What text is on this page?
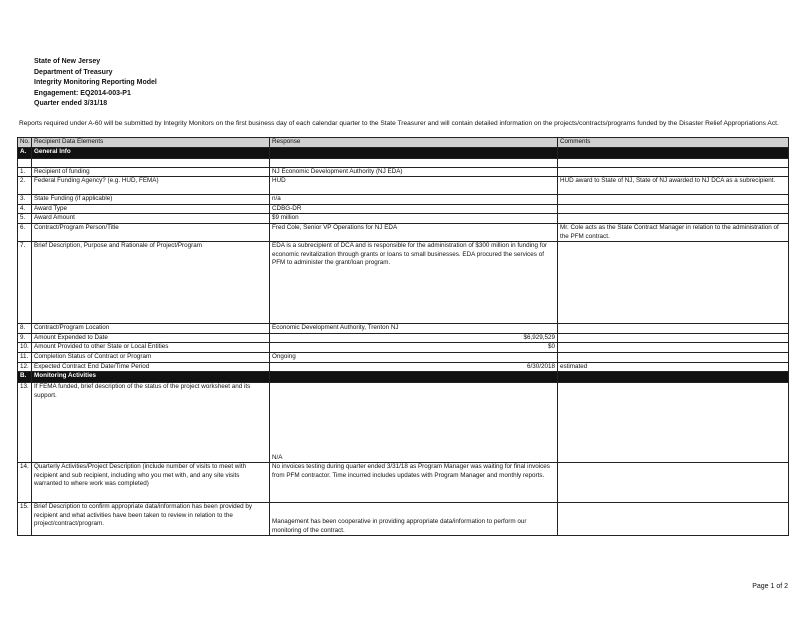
State of New Jersey
Department of Treasury
Integrity Monitoring Reporting Model
Engagement: EQ2014-003-P1
Quarter ended 3/31/18
Reports required under A-60 will be submitted by Integrity Monitors on the first business day of each calendar quarter to the State Treasurer and will contain detailed information on the projects/contracts/programs funded by the Disaster Relief Appropriations Act.
No.	Recipient Data Elements	Response	Comments
A.	General Info		

1.	Recipient of funding	NJ Economic Development Authority (NJ EDA)	
2.	Federal Funding Agency? (e.g. HUD, FEMA)	HUD	HUD award to State of NJ, State of NJ awarded to NJ DCA as a subrecipient.
3.	State Funding (if applicable)	n/a	
4.	Award Type	CDBG-DR	
5.	Award Amount	$9 million	
6.	Contract/Program Person/Title	Fred Cole, Senior VP Operations for NJ EDA	Mr. Cole acts as the State Contract Manager in relation to the administration of the PFM contract.
7.	Brief Description, Purpose and Rationale of Project/Program	EDA is a subrecipient of DCA and is responsible for the administration of $300 million in funding for economic revitalization through grants or loans to small businesses. EDA procured the services of PFM to administer the grant/loan program.	
8.	Contract/Program Location	Economic Development Authority, Trenton NJ	
9.	Amount Expended to Date	$6,929,529	
10.	Amount Provided to other State or Local Entities	$0	
11.	Completion Status of Contract or Program	Ongoing	
12.	Expected Contract End Date/Time Period	6/30/2018	estimated
B.	Monitoring Activities		
13.	If FEMA funded, brief description of the status of the project worksheet and its support.	N/A	
14.	Quarterly Activities/Project Description (include number of visits to meet with recipient and sub recipient, including who you met with, and any site visits warranted to where work was completed)	No invoices testing during quarter ended 3/31/18 as Program Manager was waiting for final invoices from PFM contractor. Time incurred includes updates with Program Manager and monthly reports.	
15.	Brief Description to confirm appropriate data/information has been provided by recipient and what activities have been taken to review in relation to the project/contract/program.	Management has been cooperative in providing appropriate data/information to perform our monitoring of the contract.	
Page 1 of 2
